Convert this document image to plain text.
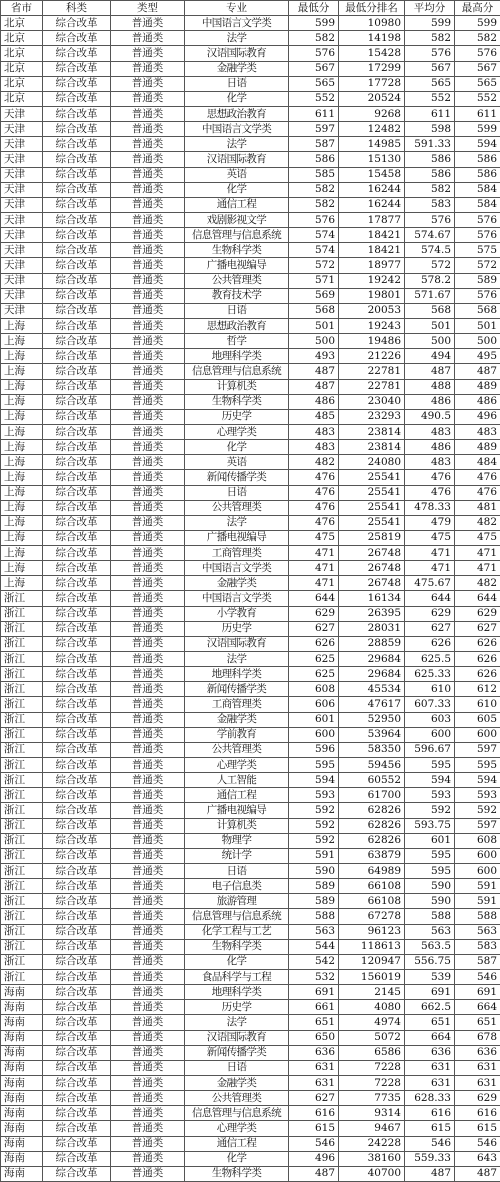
省市	科类	类型	专业	最低分	最低分排名	平均分	最高分
北京	综合改革	普通类	中国语言文学类	599	10980	599	599
北京	综合改革	普通类	法学	582	14198	582	582
北京	综合改革	普通类	汉语国际教育	576	15428	576	576
北京	综合改革	普通类	金融学类	567	17299	567	567
北京	综合改革	普通类	日语	565	17728	565	565
北京	综合改革	普通类	化学	552	20524	552	552
天津	综合改革	普通类	思想政治教育	611	9268	611	611
天津	综合改革	普通类	中国语言文学类	597	12482	598	599
天津	综合改革	普通类	法学	587	14985	591.33	594
天津	综合改革	普通类	汉语国际教育	586	15130	586	586
天津	综合改革	普通类	英语	585	15458	586	586
天津	综合改革	普通类	化学	582	16244	582	584
天津	综合改革	普通类	通信工程	582	16244	583	584
天津	综合改革	普通类	戏剧影视文学	576	17877	576	576
天津	综合改革	普通类	信息管理与信息系统	574	18421	574.67	576
天津	综合改革	普通类	生物科学类	574	18421	574.5	575
天津	综合改革	普通类	广播电视编导	572	18977	572	572
天津	综合改革	普通类	公共管理类	571	19242	578.2	589
天津	综合改革	普通类	教育技术学	569	19801	571.67	576
天津	综合改革	普通类	日语	568	20053	568	568
上海	综合改革	普通类	思想政治教育	501	19243	501	501
上海	综合改革	普通类	哲学	500	19486	500	500
上海	综合改革	普通类	地理科学类	493	21226	494	495
上海	综合改革	普通类	信息管理与信息系统	487	22781	487	487
上海	综合改革	普通类	计算机类	487	22781	488	489
上海	综合改革	普通类	生物科学类	486	23040	486	486
上海	综合改革	普通类	历史学	485	23293	490.5	496
上海	综合改革	普通类	心理学类	483	23814	483	483
上海	综合改革	普通类	化学	483	23814	486	489
上海	综合改革	普通类	英语	482	24080	483	484
上海	综合改革	普通类	新闻传播学类	476	25541	476	476
上海	综合改革	普通类	日语	476	25541	476	476
上海	综合改革	普通类	公共管理类	476	25541	478.33	481
上海	综合改革	普通类	法学	476	25541	479	482
上海	综合改革	普通类	广播电视编导	475	25819	475	475
上海	综合改革	普通类	工商管理类	471	26748	471	471
上海	综合改革	普通类	中国语言文学类	471	26748	471	471
上海	综合改革	普通类	金融学类	471	26748	475.67	482
浙江	综合改革	普通类	中国语言文学类	644	16134	644	644
浙江	综合改革	普通类	小学教育	629	26395	629	629
浙江	综合改革	普通类	历史学	627	28031	627	627
浙江	综合改革	普通类	汉语国际教育	626	28859	626	626
浙江	综合改革	普通类	法学	625	29684	625.5	626
浙江	综合改革	普通类	地理科学类	625	29684	625.33	626
浙江	综合改革	普通类	新闻传播学类	608	45534	610	612
浙江	综合改革	普通类	工商管理类	606	47617	607.33	610
浙江	综合改革	普通类	金融学类	601	52950	603	605
浙江	综合改革	普通类	学前教育	600	53964	600	600
浙江	综合改革	普通类	公共管理类	596	58350	596.67	597
浙江	综合改革	普通类	心理学类	595	59456	595	595
浙江	综合改革	普通类	人工智能	594	60552	594	594
浙江	综合改革	普通类	通信工程	593	61700	593	593
浙江	综合改革	普通类	广播电视编导	592	62826	592	592
浙江	综合改革	普通类	计算机类	592	62826	593.75	597
浙江	综合改革	普通类	物理学	592	62826	601	608
浙江	综合改革	普通类	统计学	591	63879	595	600
浙江	综合改革	普通类	日语	590	64989	595	600
浙江	综合改革	普通类	电子信息类	589	66108	590	591
浙江	综合改革	普通类	旅游管理	589	66108	590	591
浙江	综合改革	普通类	信息管理与信息系统	588	67278	588	588
浙江	综合改革	普通类	化学工程与工艺	563	96123	563	563
浙江	综合改革	普通类	生物科学类	544	118613	563.5	583
浙江	综合改革	普通类	化学	542	120947	556.75	587
浙江	综合改革	普通类	食品科学与工程	532	156019	539	546
海南	综合改革	普通类	地理科学类	691	2145	691	691
海南	综合改革	普通类	历史学	661	4080	662.5	664
海南	综合改革	普通类	法学	651	4974	651	651
海南	综合改革	普通类	汉语国际教育	650	5072	664	678
海南	综合改革	普通类	新闻传播学类	636	6586	636	636
海南	综合改革	普通类	日语	631	7228	631	631
海南	综合改革	普通类	金融学类	631	7228	631	631
海南	综合改革	普通类	公共管理类	627	7735	628.33	629
海南	综合改革	普通类	信息管理与信息系统	616	9314	616	616
海南	综合改革	普通类	心理学类	615	9467	615	615
海南	综合改革	普通类	通信工程	546	24228	546	546
海南	综合改革	普通类	化学	496	38160	559.33	643
海南	综合改革	普通类	生物科学类	487	40700	487	487
